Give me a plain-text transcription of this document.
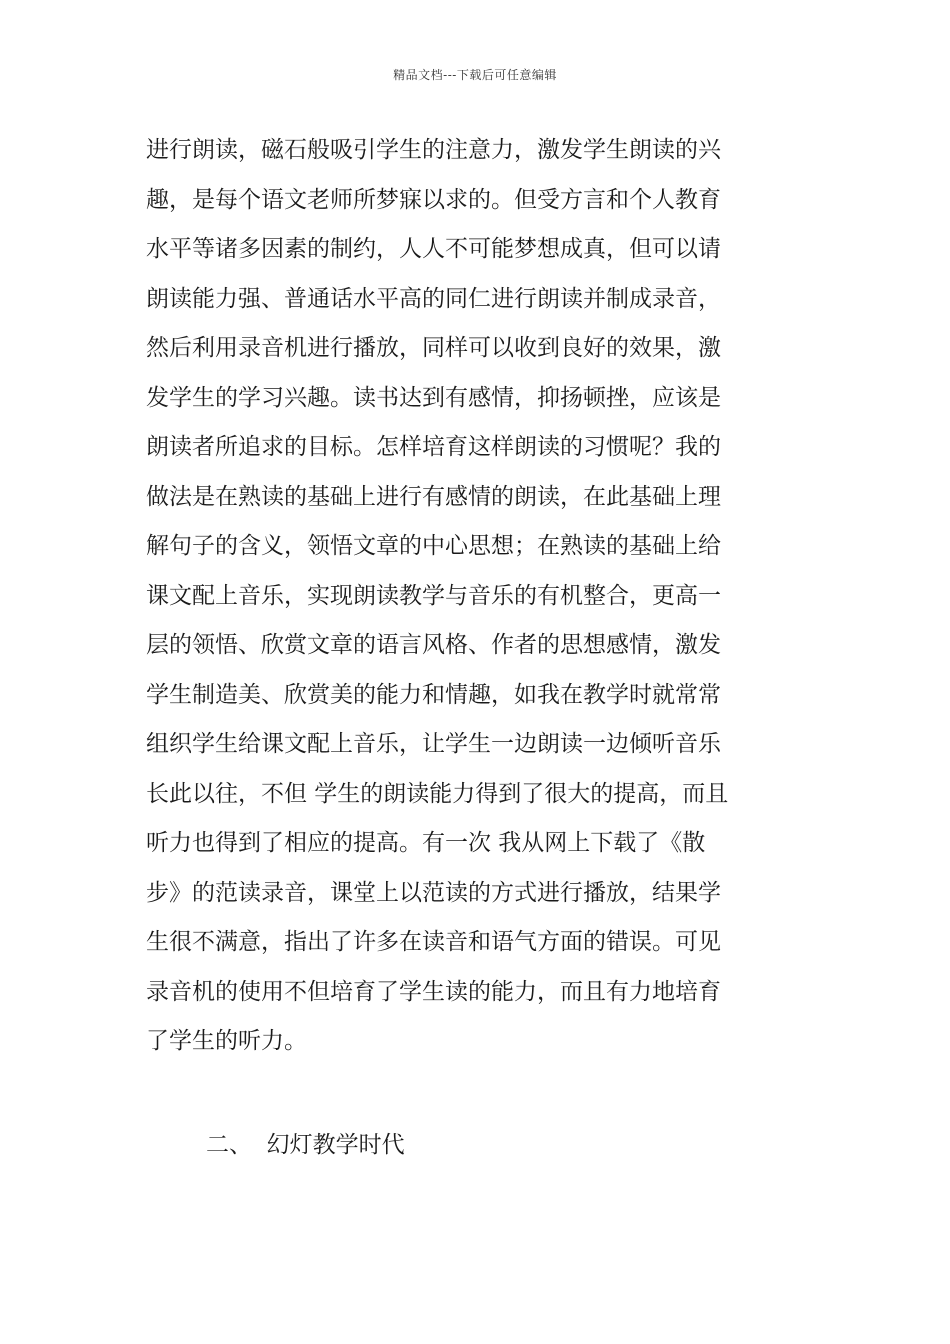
精品文档---下载后可任意编辑
进行朗读，磁石般吸引学生的注意力，激发学生朗读的兴
趣，是每个语文老师所梦寐以求的。但受方言和个人教育
水平等诸多因素的制约，人人不可能梦想成真，但可以请
朗读能力强、普通话水平高的同仁进行朗读并制成录音，
然后利用录音机进行播放，同样可以收到良好的效果，激
发学生的学习兴趣。读书达到有感情，抑扬顿挫，应该是
朗读者所追求的目标。怎样培育这样朗读的习惯呢？我的
做法是在熟读的基础上进行有感情的朗读，在此基础上理
解句子的含义，领悟文章的中心思想；在熟读的基础上给
课文配上音乐，实现朗读教学与音乐的有机整合，更高一
层的领悟、欣赏文章的语言风格、作者的思想感情，激发
学生制造美、欣赏美的能力和情趣，如我在教学时就常常
组织学生给课文配上音乐，让学生一边朗读一边倾听音乐
长此以往，不但 学生的朗读能力得到了很大的提高，而且
听力也得到了相应的提高。有一次 我从网上下载了《散
步》的范读录音，课堂上以范读的方式进行播放，结果学
生很不满意，指出了许多在读音和语气方面的错误。可见
录音机的使用不但培育了学生读的能力，而且有力地培育
了学生的听力。
二、  幻灯教学时代
